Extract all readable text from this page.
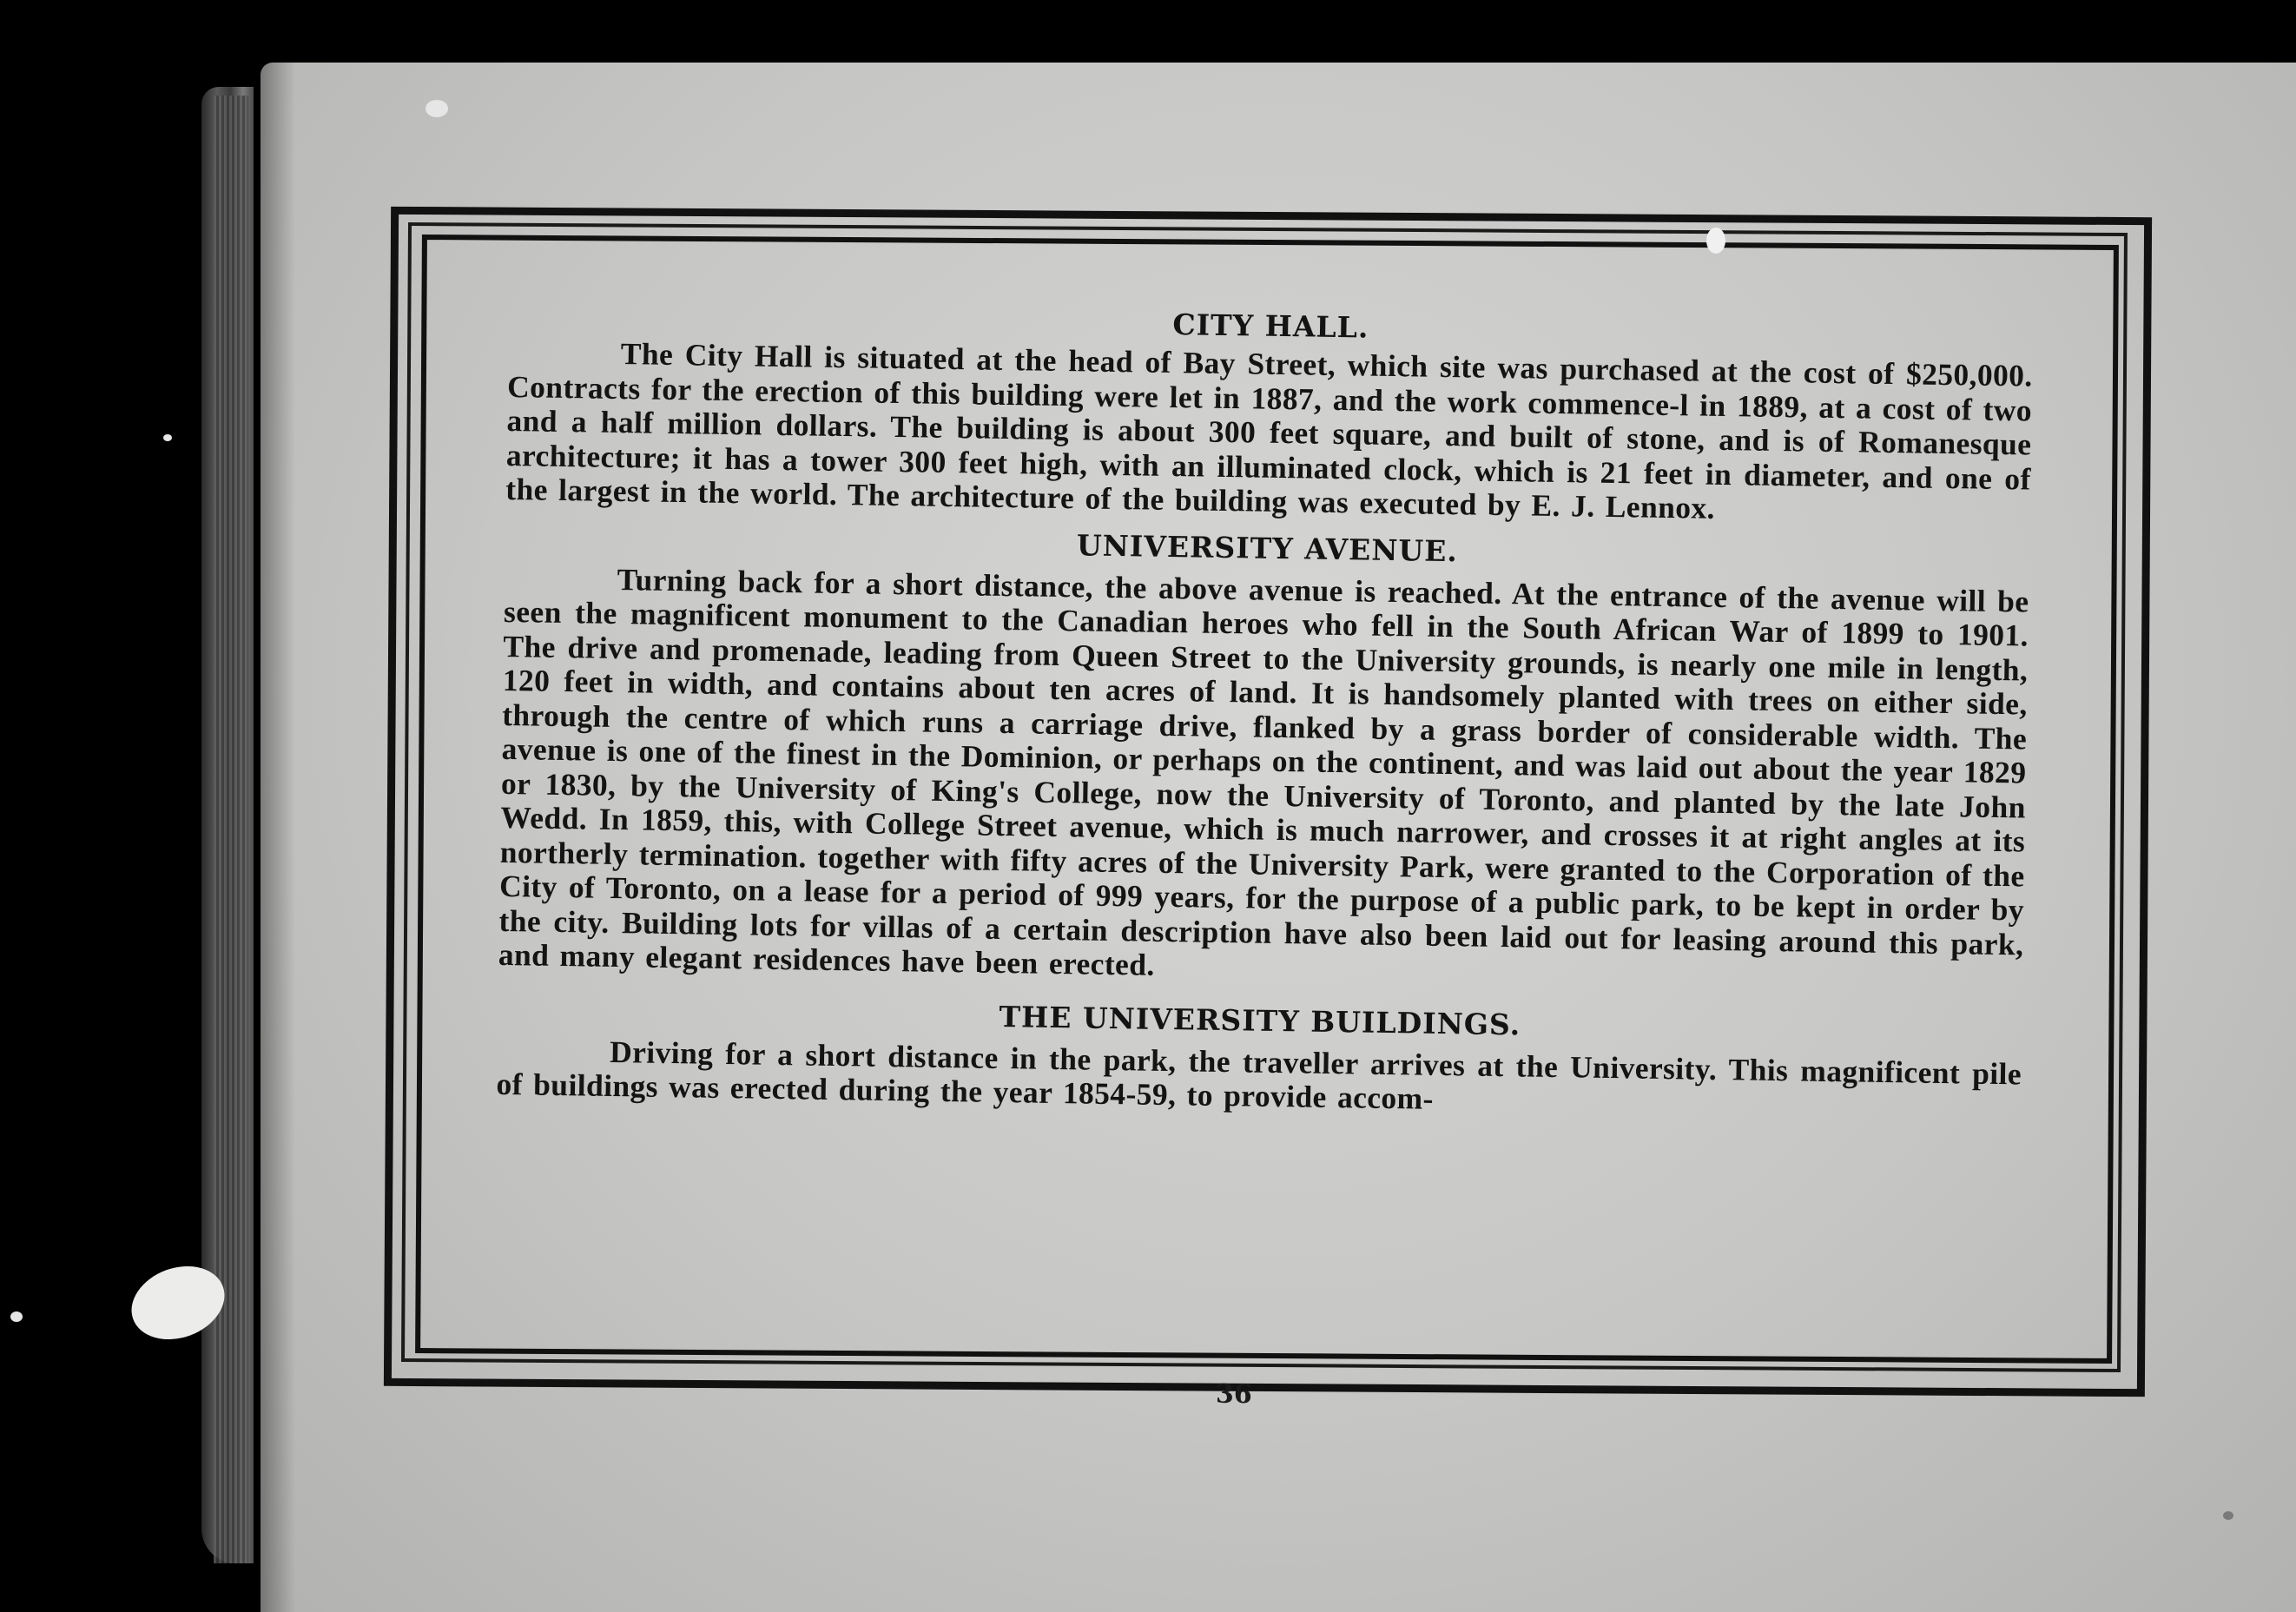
CITY HALL.

The City Hall is situated at the head of Bay Street, which site was purchased at the cost of $250,000. Contracts for the erection of this building were let in 1887, and the work commence-l in 1889, at a cost of two and a half million dollars. The building is about 300 feet square, and built of stone, and is of Romanesque architecture; it has a tower 300 feet high, with an illuminated clock, which is 21 feet in diameter, and one of the largest in the world. The architecture of the building was executed by E. J. Lennox.

UNIVERSITY AVENUE.

Turning back for a short distance, the above avenue is reached. At the entrance of the avenue will be seen the magnificent monument to the Canadian heroes who fell in the South African War of 1899 to 1901. The drive and promenade, leading from Queen Street to the University grounds, is nearly one mile in length, 120 feet in width, and contains about ten acres of land. It is handsomely planted with trees on either side, through the centre of which runs a carriage drive, flanked by a grass border of considerable width. The avenue is one of the finest in the Dominion, or perhaps on the continent, and was laid out about the year 1829 or 1830, by the University of King's College, now the University of Toronto, and planted by the late John Wedd. In 1859, this, with College Street avenue, which is much narrower, and crosses it at right angles at its northerly termination. together with fifty acres of the University Park, were granted to the Corporation of the City of Toronto, on a lease for a period of 999 years, for the purpose of a public park, to be kept in order by the city. Building lots for villas of a certain description have also been laid out for leasing around this park, and many elegant residences have been erected.

THE UNIVERSITY BUILDINGS.

Driving for a short distance in the park, the traveller arrives at the University. This magnificent pile of buildings was erected during the year 1854-59, to provide accom-

36
